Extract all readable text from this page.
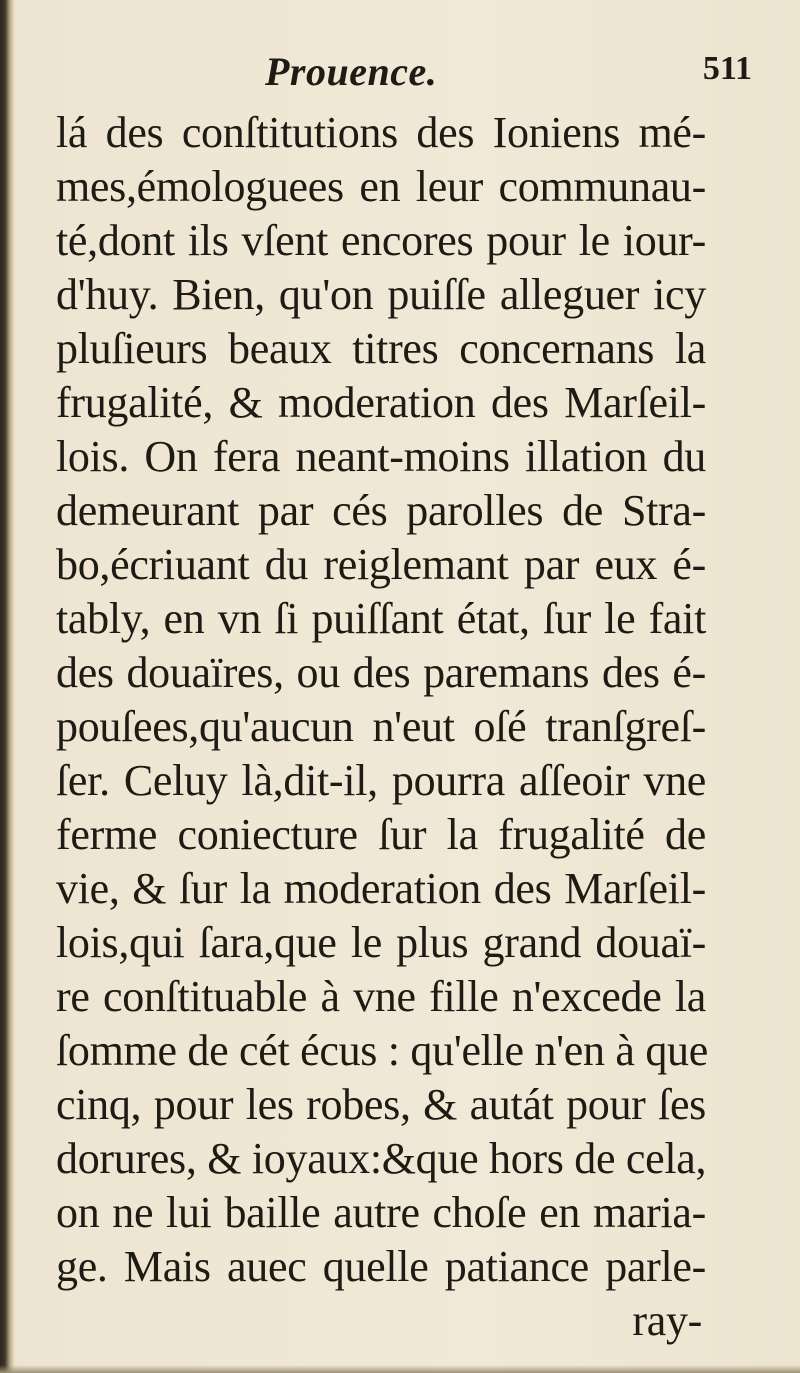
Prouence.	511
lá des conſtitutions des Ioniens mé-
mes,émologuees en leur communau-
té,dont ils vſent encores pour le iour-
d'huy. Bien, qu'on puiſſe alleguer icy
pluſieurs beaux titres concernans la
frugalité, & moderation des Marſeil-
lois. On fera neant-moins illation du
demeurant par cés parolles de Stra-
bo,écriuant du reiglemant par eux é-
tably, en vn ſi puiſſant état, ſur le fait
des douaïres, ou des paremans des é-
pouſees,qu'aucun n'eut oſé tranſgreſ-
ſer. Celuy là,dit-il, pourra aſſeoir vne
ferme coniecture ſur la frugalité de
vie, & ſur la moderation des Marſeil-
lois,qui ſara,que le plus grand douaï-
re conſtituable à vne fille n'excede la
ſomme de cét écus : qu'elle n'en à que
cinq, pour les robes, & autát pour ſes
dorures, & ioyaux:&que hors de cela,
on ne lui baille autre choſe en maria-
ge. Mais auec quelle patiance parle-
ray-
